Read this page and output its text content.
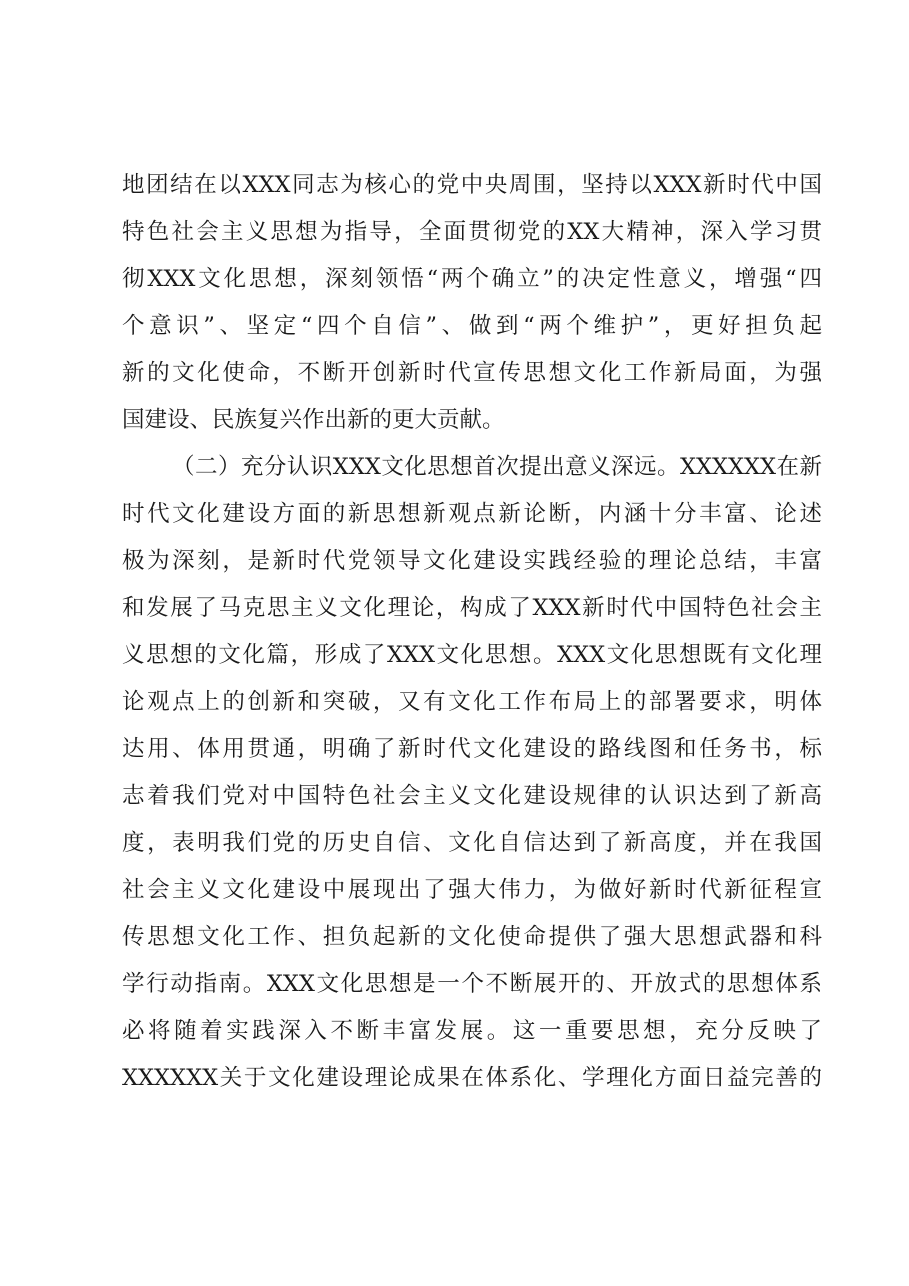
地团结在以XXX同志为核心的党中央周围，坚持以XXX新时代中国
特色社会主义思想为指导，全面贯彻党的XX大精神，深入学习贯
彻XXX文化思想，深刻领悟“两个确立”的决定性意义，增强“四
个意识”、坚定“四个自信”、做到“两个维护”，更好担负起
新的文化使命，不断开创新时代宣传思想文化工作新局面，为强
国建设、民族复兴作出新的更大贡献。
（二）充分认识XXX文化思想首次提出意义深远。XXXXXX在新
时代文化建设方面的新思想新观点新论断，内涵十分丰富、论述
极为深刻，是新时代党领导文化建设实践经验的理论总结，丰富
和发展了马克思主义文化理论，构成了XXX新时代中国特色社会主
义思想的文化篇，形成了XXX文化思想。XXX文化思想既有文化理
论观点上的创新和突破，又有文化工作布局上的部署要求，明体
达用、体用贯通，明确了新时代文化建设的路线图和任务书，标
志着我们党对中国特色社会主义文化建设规律的认识达到了新高
度，表明我们党的历史自信、文化自信达到了新高度，并在我国
社会主义文化建设中展现出了强大伟力，为做好新时代新征程宣
传思想文化工作、担负起新的文化使命提供了强大思想武器和科
学行动指南。XXX文化思想是一个不断展开的、开放式的思想体系
必将随着实践深入不断丰富发展。这一重要思想，充分反映了
XXXXXX关于文化建设理论成果在体系化、学理化方面日益完善的
